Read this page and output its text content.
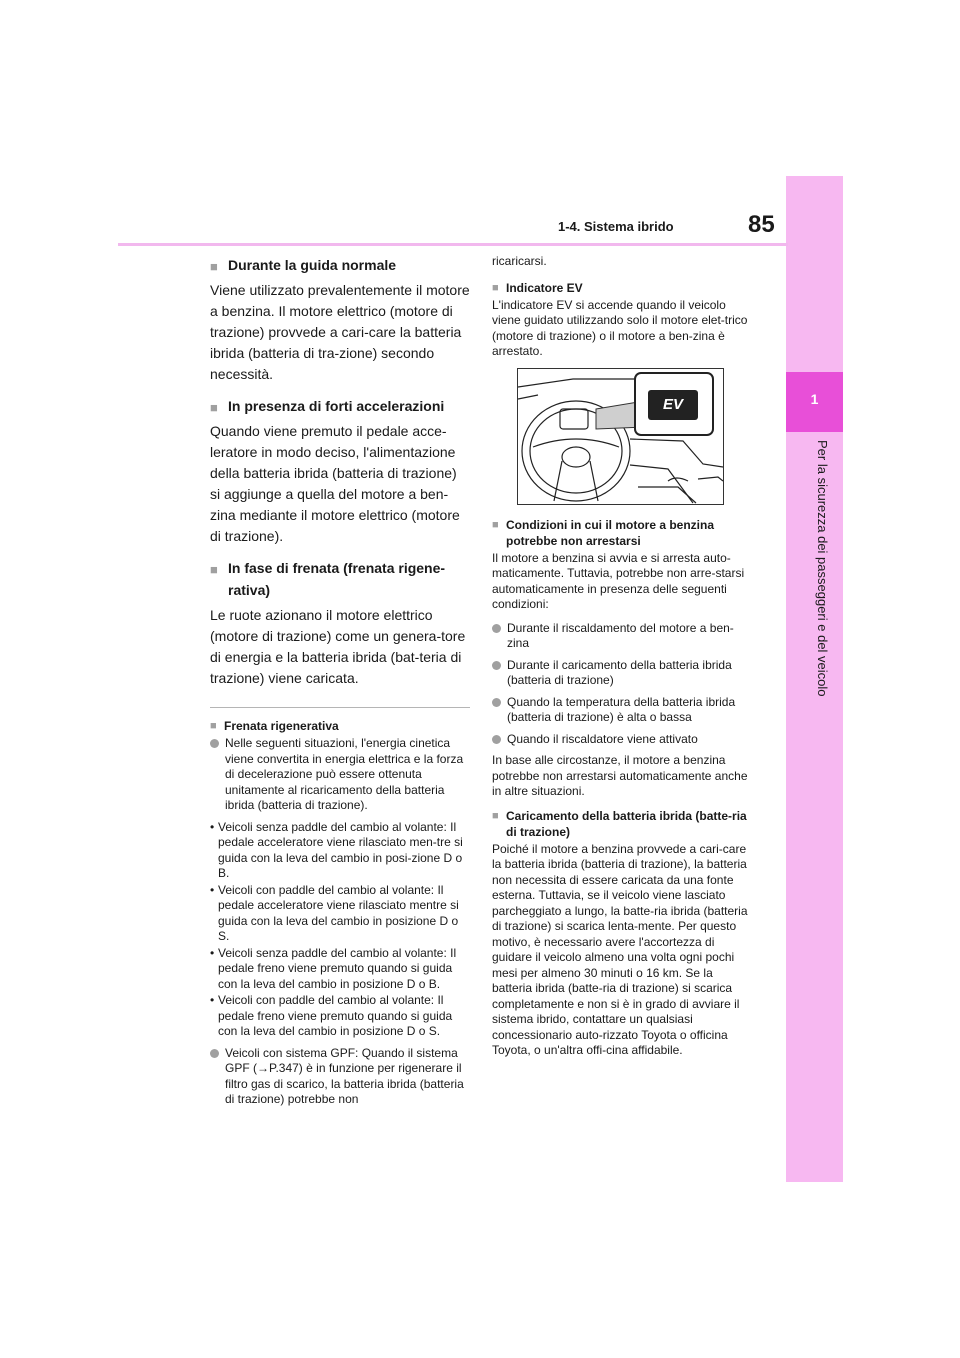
1
Per la sicurezza dei passeggeri e del veicolo
1-4. Sistema ibrido	85
■ Durante la guida normale

Viene utilizzato prevalentemente il motore a benzina. Il motore elettrico (motore di trazione) provvede a cari-care la batteria ibrida (batteria di tra-zione) secondo necessità.

■ In presenza di forti accelerazioni

Quando viene premuto il pedale acce-leratore in modo deciso, l'alimentazione della batteria ibrida (batteria di trazione) si aggiunge a quella del motore a ben-zina mediante il motore elettrico (motore di trazione).

■ In fase di frenata (frenata rigene-rativa)

Le ruote azionano il motore elettrico (motore di trazione) come un genera-tore di energia e la batteria ibrida (bat-teria di trazione) viene caricata.

■ Frenata rigenerativa
Nelle seguenti situazioni, l'energia cinetica viene convertita in energia elettrica e la forza di decelerazione può essere ottenuta unitamente al ricaricamento della batteria ibrida (batteria di trazione).
• Veicoli senza paddle del cambio al volante: Il pedale acceleratore viene rilasciato men-tre si guida con la leva del cambio in posi-zione D o B.
• Veicoli con paddle del cambio al volante: Il pedale acceleratore viene rilasciato mentre si guida con la leva del cambio in posizione D o S.
• Veicoli senza paddle del cambio al volante: Il pedale freno viene premuto quando si guida con la leva del cambio in posizione D o B.
• Veicoli con paddle del cambio al volante: Il pedale freno viene premuto quando si guida con la leva del cambio in posizione D o S.
Veicoli con sistema GPF: Quando il sistema GPF (→P.347) è in funzione per rigenerare il filtro gas di scarico, la batteria ibrida (batteria di trazione) potrebbe non

ricaricarsi.

■ Indicatore EV

L'indicatore EV si accende quando il veicolo viene guidato utilizzando solo il motore elet-trico (motore di trazione) o il motore a ben-zina è arrestato.

EV
■ Condizioni in cui il motore a benzina potrebbe non arrestarsi

Il motore a benzina si avvia e si arresta auto-maticamente. Tuttavia, potrebbe non arre-starsi automaticamente in presenza delle seguenti condizioni:

Durante il riscaldamento del motore a ben-zina
Durante il caricamento della batteria ibrida (batteria di trazione)
Quando la temperatura della batteria ibrida (batteria di trazione) è alta o bassa
Quando il riscaldatore viene attivato

In base alle circostanze, il motore a benzina potrebbe non arrestarsi automaticamente anche in altre situazioni.

■ Caricamento della batteria ibrida (batte-ria di trazione)

Poiché il motore a benzina provvede a cari-care la batteria ibrida (batteria di trazione), la batteria non necessita di essere caricata da una fonte esterna. Tuttavia, se il veicolo viene lasciato parcheggiato a lungo, la batte-ria ibrida (batteria di trazione) si scarica lenta-mente. Per questo motivo, è necessario avere l'accortezza di guidare il veicolo almeno una volta ogni pochi mesi per almeno 30 minuti o 16 km. Se la batteria ibrida (batte-ria di trazione) si scarica completamente e non si è in grado di avviare il sistema ibrido, contattare un qualsiasi concessionario auto-rizzato Toyota o officina Toyota, o un'altra offi-cina affidabile.
